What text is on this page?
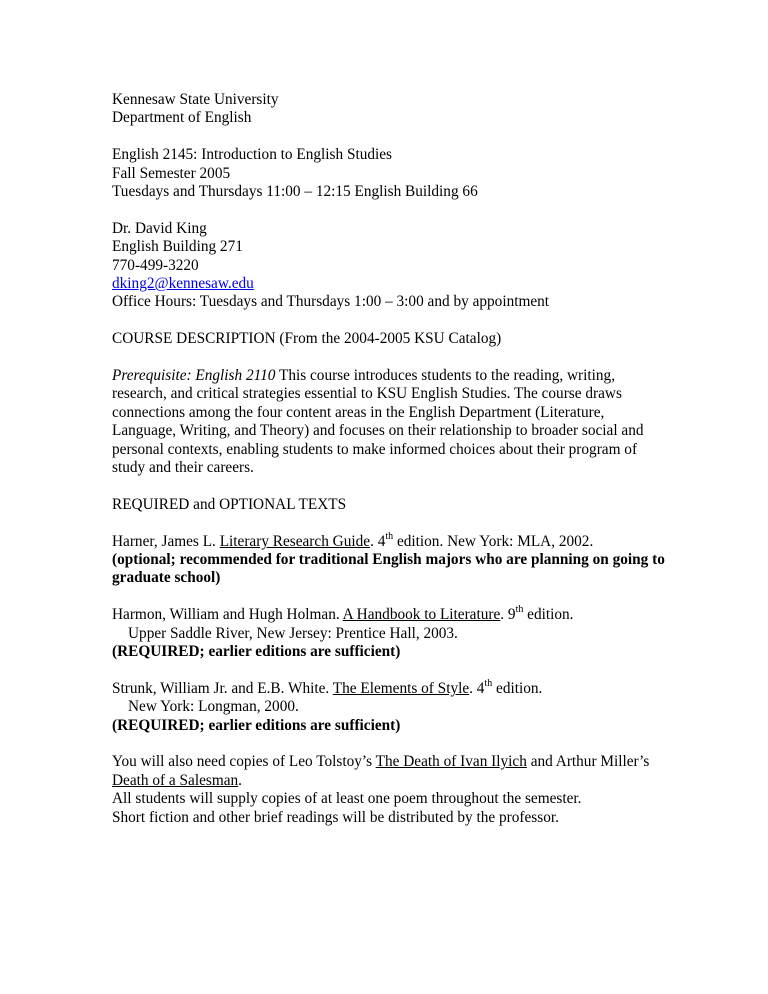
Kennesaw State University
Department of English
English 2145: Introduction to English Studies
Fall Semester 2005
Tuesdays and Thursdays 11:00 – 12:15 English Building 66
Dr. David King
English Building 271
770-499-3220
dking2@kennesaw.edu
Office Hours: Tuesdays and Thursdays 1:00 – 3:00 and by appointment
COURSE DESCRIPTION (From the 2004-2005 KSU Catalog)
Prerequisite: English 2110 This course introduces students to the reading, writing, research, and critical strategies essential to KSU English Studies. The course draws connections among the four content areas in the English Department (Literature, Language, Writing, and Theory) and focuses on their relationship to broader social and personal contexts, enabling students to make informed choices about their program of study and their careers.
REQUIRED and OPTIONAL TEXTS
Harner, James L. Literary Research Guide. 4th edition. New York: MLA, 2002.
(optional; recommended for traditional English majors who are planning on going to graduate school)
Harmon, William and Hugh Holman. A Handbook to Literature. 9th edition.
Upper Saddle River, New Jersey: Prentice Hall, 2003.
(REQUIRED; earlier editions are sufficient)
Strunk, William Jr. and E.B. White. The Elements of Style. 4th edition.
New York: Longman, 2000.
(REQUIRED; earlier editions are sufficient)
You will also need copies of Leo Tolstoy’s The Death of Ivan Ilyich and Arthur Miller’s
Death of a Salesman.
All students will supply copies of at least one poem throughout the semester.
Short fiction and other brief readings will be distributed by the professor.
